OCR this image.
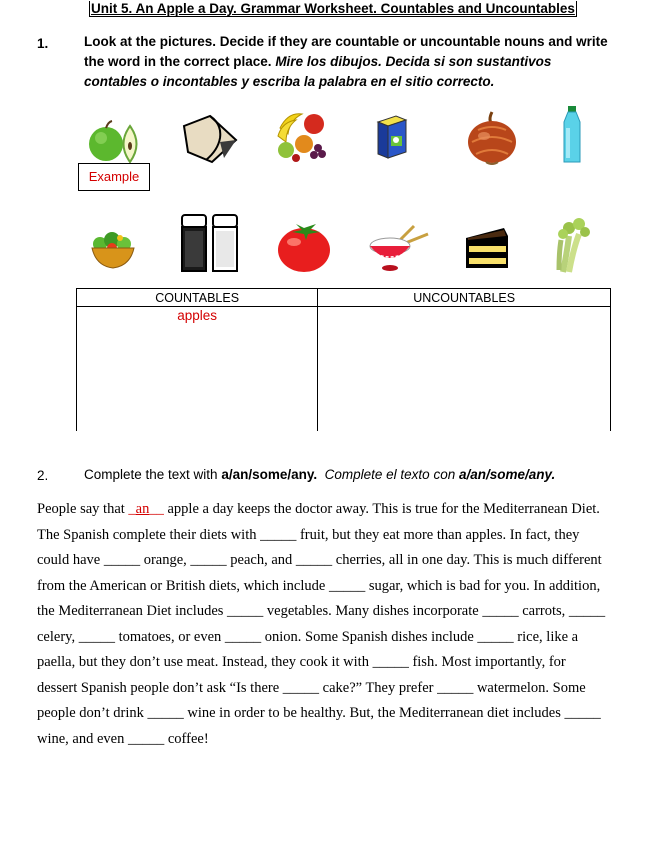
Unit 5. An Apple a Day. Grammar Worksheet. Countables and Uncountables
1.	Look at the pictures. Decide if they are countable or uncountable nouns and write the word in the correct place. Mire los dibujos. Decida si son sustantivos contables o incontables y escriba la palabra en el sitio correcto.
Example
COUNTABLES	UNCOUNTABLES
apples	
2.	Complete the text with a/an/some/any. Complete el texto con a/an/some/any.
People say that _an__ apple a day keeps the doctor away. This is true for the Mediterranean Diet. The Spanish complete their diets with _____ fruit, but they eat more than apples. In fact, they could have _____ orange, _____ peach, and _____ cherries, all in one day. This is much different from the American or British diets, which include _____ sugar, which is bad for you. In addition, the Mediterranean Diet includes _____ vegetables. Many dishes incorporate _____ carrots, _____ celery, _____ tomatoes, or even _____ onion. Some Spanish dishes include _____ rice, like a paella, but they don’t use meat. Instead, they cook it with _____ fish. Most importantly, for dessert Spanish people don’t ask “Is there _____ cake?” They prefer _____ watermelon. Some people don’t drink _____ wine in order to be healthy. But, the Mediterranean diet includes _____ wine, and even _____ coffee!
